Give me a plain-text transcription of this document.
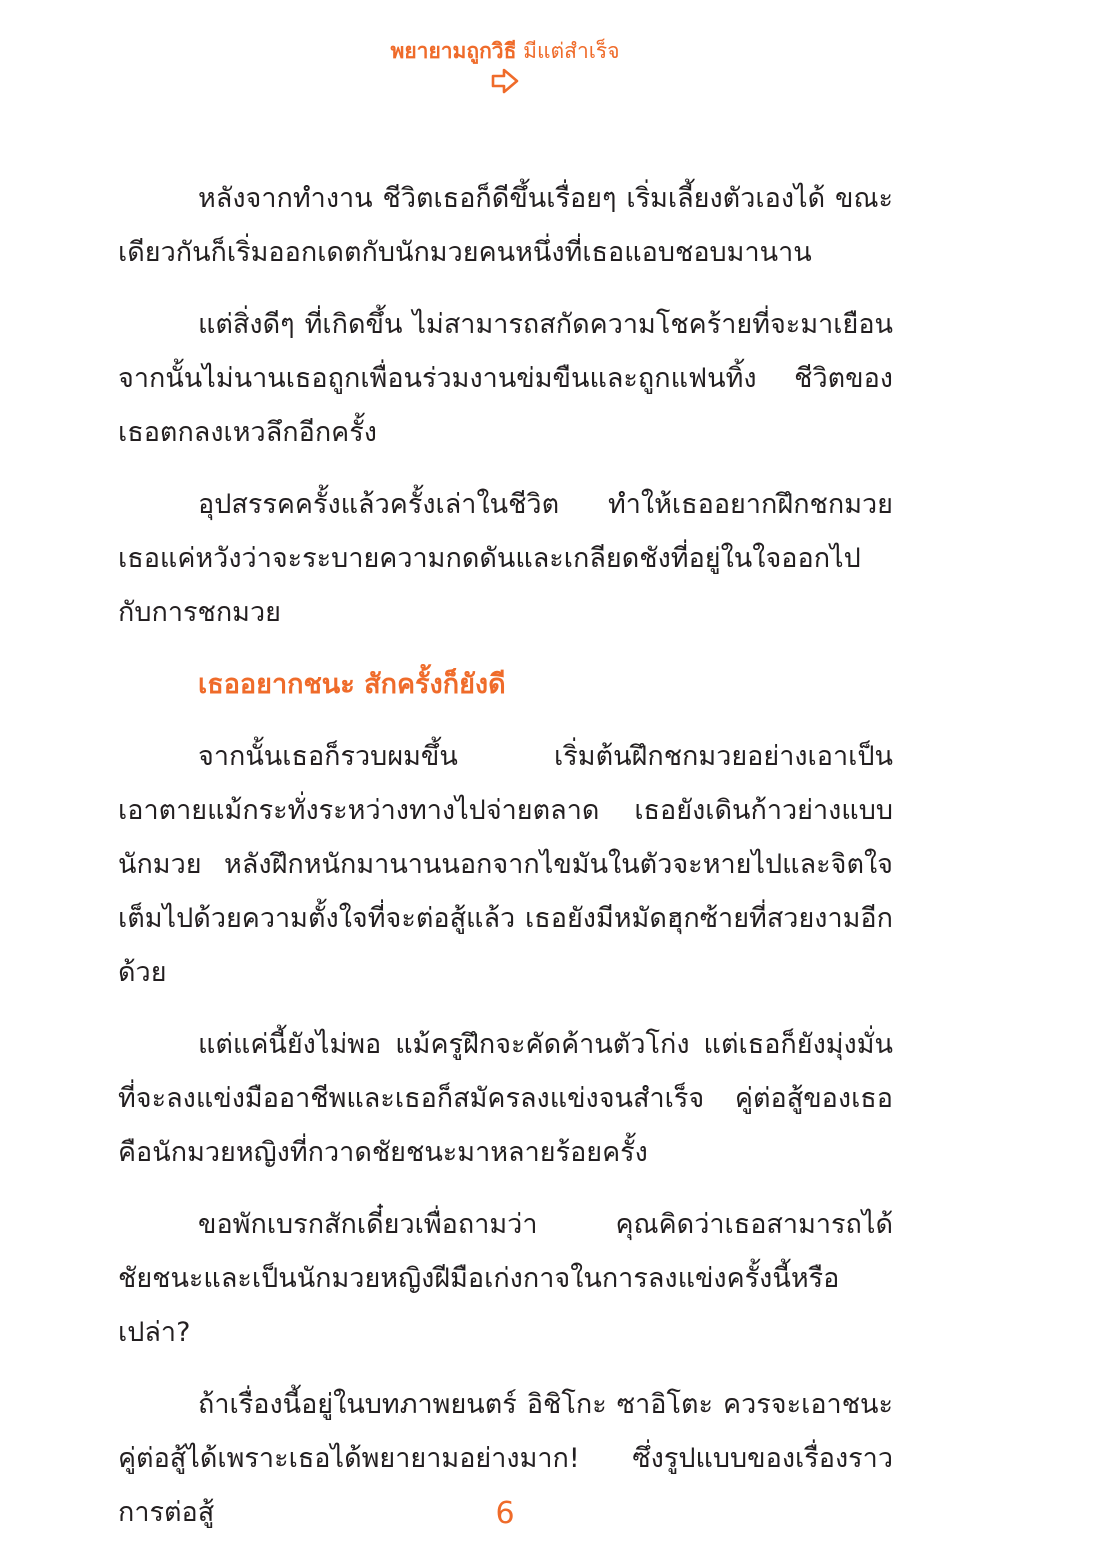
พยายามถูกวิธี มีแต่สำเร็จ

หลังจากทำงาน ชีวิตเธอก็ดีขึ้นเรื่อยๆ เริ่มเลี้ยงตัวเองได้ ขณะเดียวกันก็เริ่มออกเดตกับนักมวยคนหนึ่งที่เธอแอบชอบมานาน

แต่สิ่งดีๆ ที่เกิดขึ้น ไม่สามารถสกัดความโชคร้ายที่จะมาเยือนจากนั้นไม่นานเธอถูกเพื่อนร่วมงานข่มขืนและถูกแฟนทิ้ง ชีวิตของเธอตกลงเหวลึกอีกครั้ง

อุปสรรคครั้งแล้วครั้งเล่าในชีวิต ทำให้เธออยากฝึกชกมวยเธอแค่หวังว่าจะระบายความกดดันและเกลียดชังที่อยู่ในใจออกไปกับการชกมวย

เธออยากชนะ สักครั้งก็ยังดี

จากนั้นเธอก็รวบผมขึ้น เริ่มต้นฝึกชกมวยอย่างเอาเป็นเอาตายแม้กระทั่งระหว่างทางไปจ่ายตลาด เธอยังเดินก้าวย่างแบบนักมวย หลังฝึกหนักมานานนอกจากไขมันในตัวจะหายไปและจิตใจเต็มไปด้วยความตั้งใจที่จะต่อสู้แล้ว เธอยังมีหมัดฮุกซ้ายที่สวยงามอีกด้วย

แต่แค่นี้ยังไม่พอ แม้ครูฝึกจะคัดค้านตัวโก่ง แต่เธอก็ยังมุ่งมั่นที่จะลงแข่งมืออาชีพและเธอก็สมัครลงแข่งจนสำเร็จ คู่ต่อสู้ของเธอคือนักมวยหญิงที่กวาดชัยชนะมาหลายร้อยครั้ง

ขอพักเบรกสักเดี๋ยวเพื่อถามว่า คุณคิดว่าเธอสามารถได้ชัยชนะและเป็นนักมวยหญิงฝีมือเก่งกาจในการลงแข่งครั้งนี้หรือเปล่า?

ถ้าเรื่องนี้อยู่ในบทภาพยนตร์ อิชิโกะ ซาอิโตะ ควรจะเอาชนะคู่ต่อสู้ได้เพราะเธอได้พยายามอย่างมาก! ซึ่งรูปแบบของเรื่องราวการต่อสู้	6
